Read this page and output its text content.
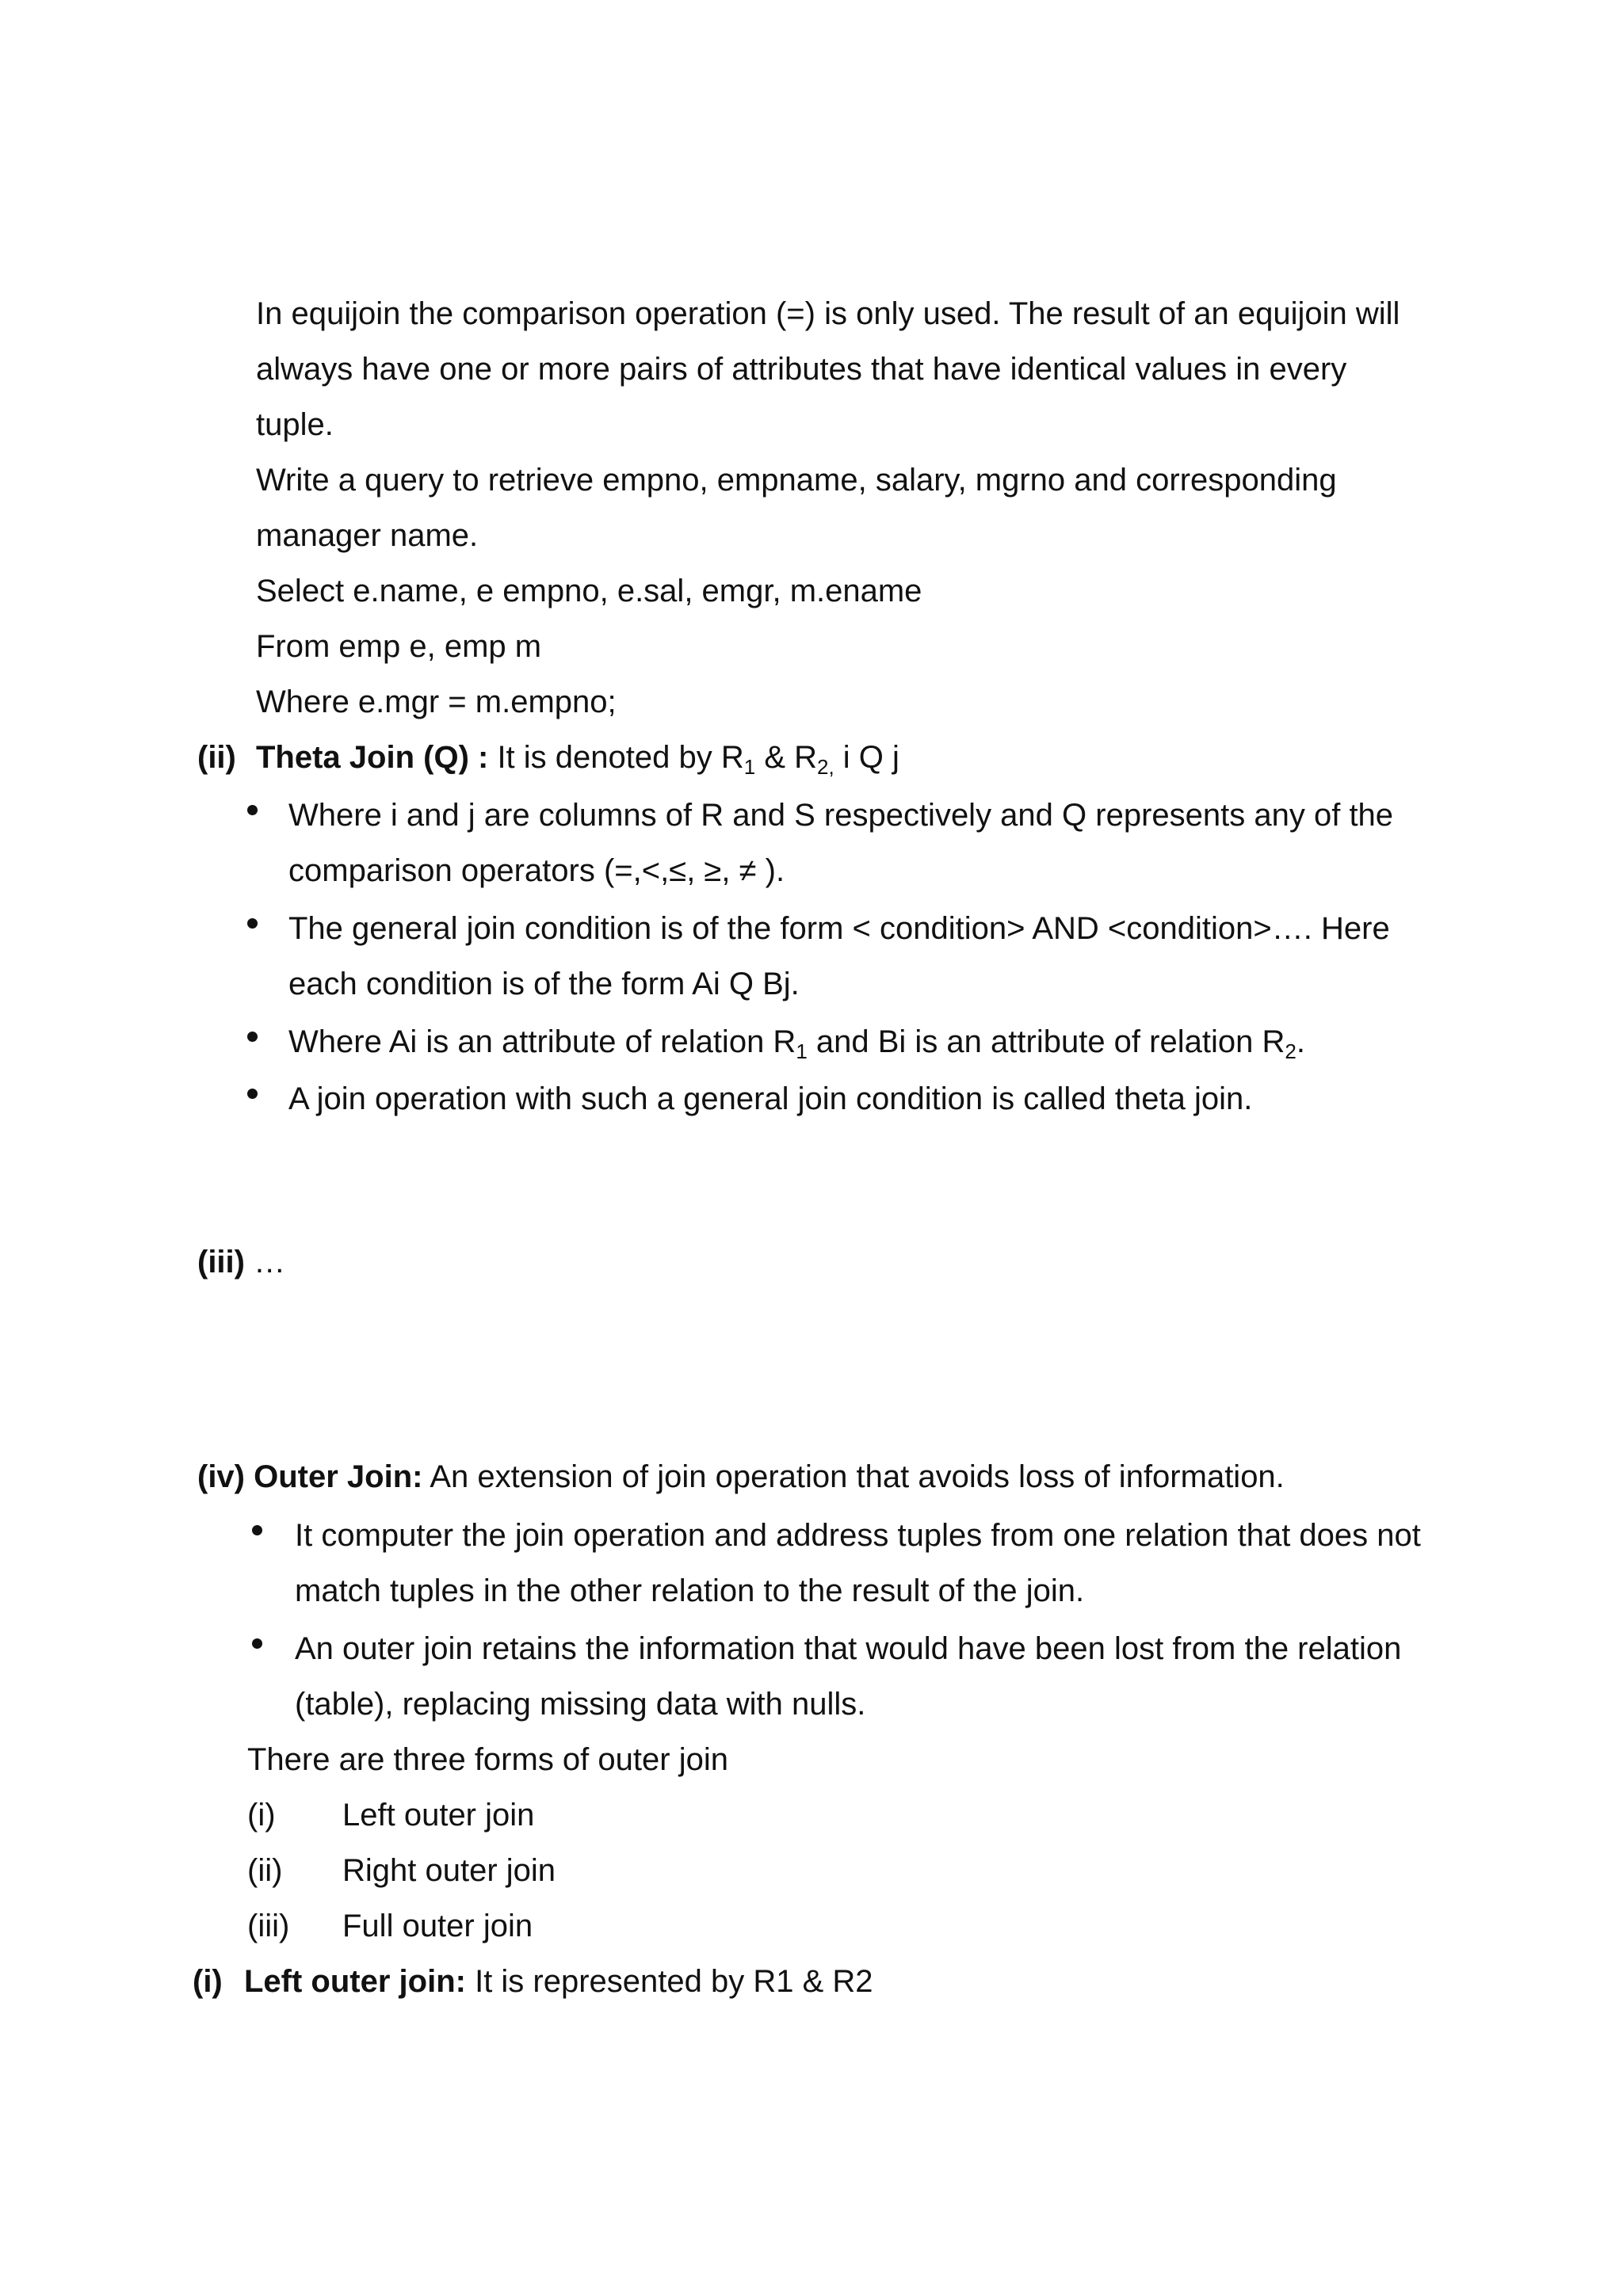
In equijoin the comparison operation (=) is only used. The result of an equijoin will
always have one or more pairs of attributes that have identical values in every
tuple.
Write a query to retrieve empno, empname, salary, mgrno and corresponding
manager name.
Select e.name, e empno, e.sal, emgr, m.ename
From emp e, emp m
Where e.mgr = m.empno;
(ii) Theta Join (Q) : It is denoted by $R_1$ & $R_{2,}$ i Q j
Where i and j are columns of R and S respectively and Q represents any of the
comparison operators (=,<,≤, ≥, ≠ ).
The general join condition is of the form < condition> AND <condition>…. Here
each condition is of the form Ai Q Bj.
Where Ai is an attribute of relation $R_1$ and Bi is an attribute of relation $R_2$.
A join operation with such a general join condition is called theta join.
(iii) …
(iv) Outer Join: An extension of join operation that avoids loss of information.
It computer the join operation and address tuples from one relation that does not
match tuples in the other relation to the result of the join.
An outer join retains the information that would have been lost from the relation
(table), replacing missing data with nulls.
There are three forms of outer join
(i) Left outer join
(ii) Right outer join
(iii) Full outer join
(i) Left outer join: It is represented by R1 & R2
